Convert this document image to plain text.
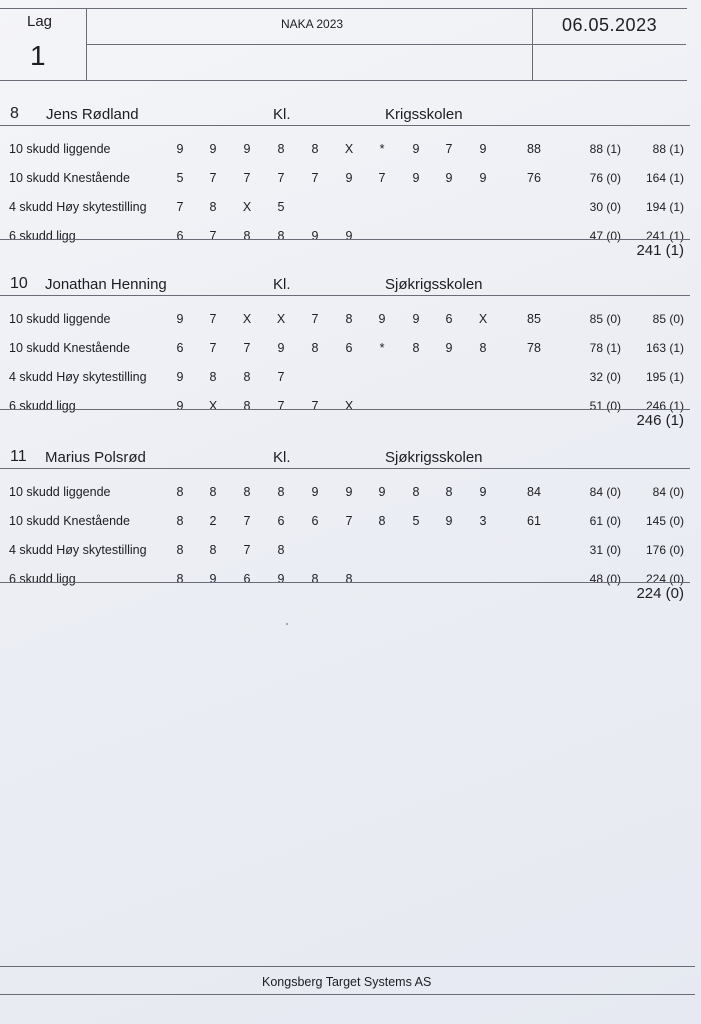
Lag
1
NAKA 2023	06.05.2023
8 Jens Rødland	Kl.	Krigsskolen
10 skudd liggende	9	9	9	8	8	X	*	9	7	9	88	88 (1)	88 (1)
10 skudd Knestående	5	7	7	7	7	9	7	9	9	9	76	76 (0)	164 (1)
4 skudd Høy skytestilling	7	8	X	5	30 (0)	194 (1)
6 skudd ligg	6	7	8	8	9	9	47 (0)	241 (1)
241 (1)
10 Jonathan Henning	Kl.	Sjøkrigsskolen
10 skudd liggende	9	7	X	X	7	8	9	9	6	X	85	85 (0)	85 (0)
10 skudd Knestående	6	7	7	9	8	6	*	8	9	8	78	78 (1)	163 (1)
4 skudd Høy skytestilling	9	8	8	7	32 (0)	195 (1)
6 skudd ligg	9	X	8	7	7	X	51 (0)	246 (1)
246 (1)
11 Marius Polsrød	Kl.	Sjøkrigsskolen
10 skudd liggende	8	8	8	8	9	9	9	8	8	9	84	84 (0)	84 (0)
10 skudd Knestående	8	2	7	6	6	7	8	5	9	3	61	61 (0)	145 (0)
4 skudd Høy skytestilling	8	8	7	8	31 (0)	176 (0)
6 skudd ligg	8	9	6	9	8	8	48 (0)	224 (0)
224 (0)
Kongsberg Target Systems AS
